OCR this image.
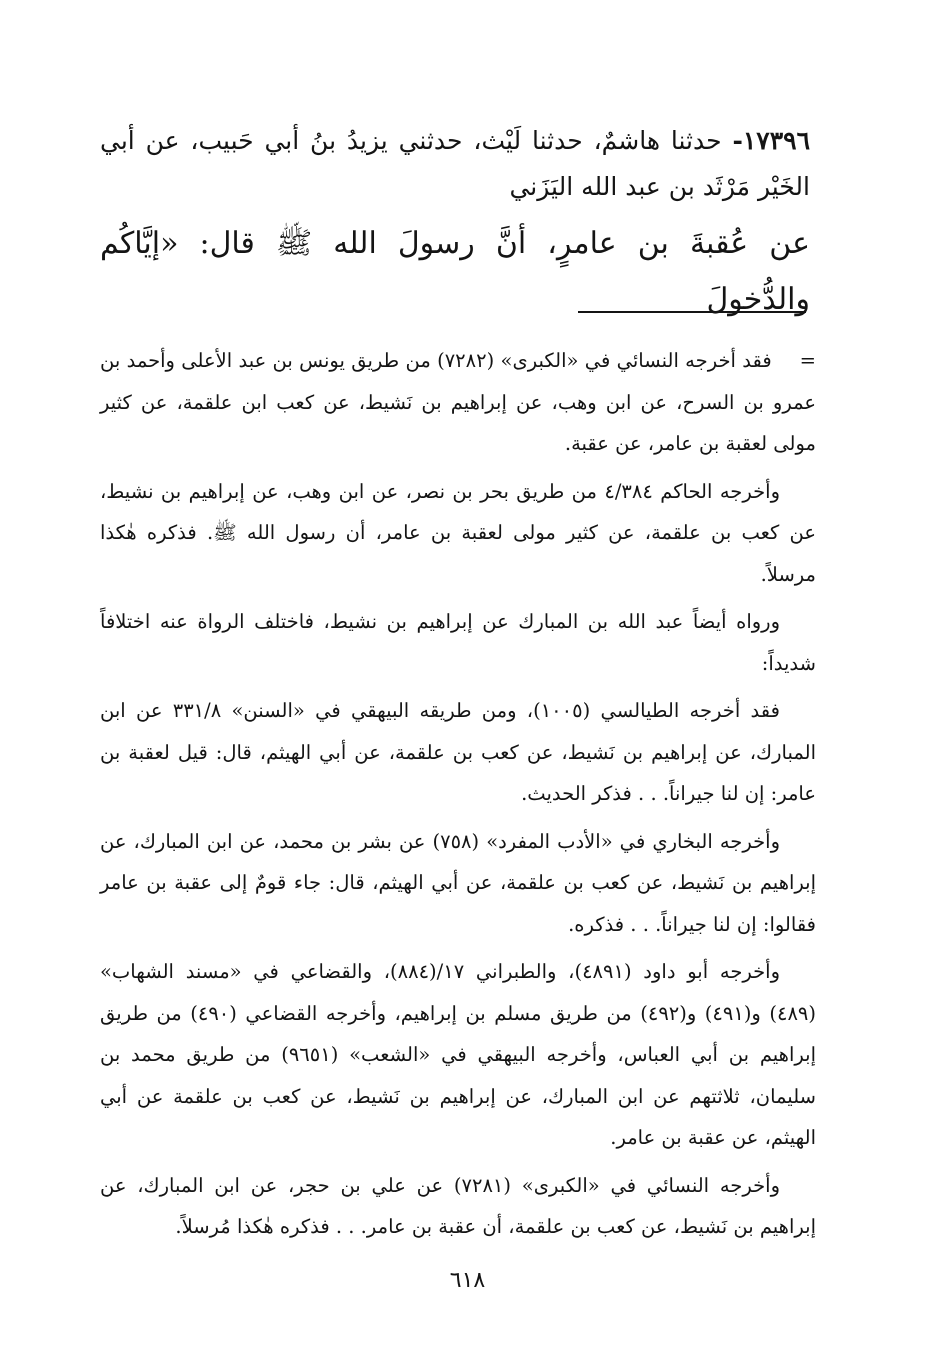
١٧٣٩٦- حدثنا هاشمٌ، حدثنا لَيْث، حدثني يزيدُ بنُ أبي حَبيب، عن أبي الخَيْر مَرْثَد بن عبد الله اليَزَني

عن عُقبةَ بن عامرٍ، أنَّ رسولَ الله ﷺ قال: «إيَّاكُم والدُّخولَ

=فقد أخرجه النسائي في «الكبرى» (٧٢٨٢) من طريق يونس بن عبد الأعلى وأحمد بن عمرو بن السرح، عن ابن وهب، عن إبراهيم بن نَشيط، عن كعب ابن علقمة، عن كثير مولى لعقبة بن عامر، عن عقبة.

وأخرجه الحاكم ٤/٣٨٤ من طريق بحر بن نصر، عن ابن وهب، عن إبراهيم بن نشيط، عن كعب بن علقمة، عن كثير مولى لعقبة بن عامر، أن رسول الله ﷺ. فذكره هٰكذا مرسلاً.

ورواه أيضاً عبد الله بن المبارك عن إبراهيم بن نشيط، فاختلف الرواة عنه اختلافاً شديداً:

فقد أخرجه الطيالسي (١٠٠٥)، ومن طريقه البيهقي في «السنن» ٣٣١/٨ عن ابن المبارك، عن إبراهيم بن نَشيط، عن كعب بن علقمة، عن أبي الهيثم، قال: قيل لعقبة بن عامر: إن لنا جيراناً. . . فذكر الحديث.

وأخرجه البخاري في «الأدب المفرد» (٧٥٨) عن بشر بن محمد، عن ابن المبارك، عن إبراهيم بن نَشيط، عن كعب بن علقمة، عن أبي الهيثم، قال: جاء قومٌ إلى عقبة بن عامر فقالوا: إن لنا جيراناً. . . فذكره.

وأخرجه أبو داود (٤٨٩١)، والطبراني ١٧/(٨٨٤)، والقضاعي في «مسند الشهاب» (٤٨٩) و(٤٩١) و(٤٩٢) من طريق مسلم بن إبراهيم، وأخرجه القضاعي (٤٩٠) من طريق إبراهيم بن أبي العباس، وأخرجه البيهقي في «الشعب» (٩٦٥١) من طريق محمد بن سليمان، ثلاثتهم عن ابن المبارك، عن إبراهيم بن نَشيط، عن كعب بن علقمة عن أبي الهيثم، عن عقبة بن عامر.

وأخرجه النسائي في «الكبرى» (٧٢٨١) عن علي بن حجر، عن ابن المبارك، عن إبراهيم بن نَشيط، عن كعب بن علقمة، أن عقبة بن عامر. . . فذكره هٰكذا مُرسلاً.

٦١٨
